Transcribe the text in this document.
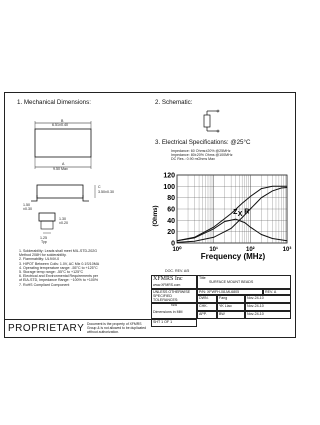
1. Mechanical Dimensions:
B
6.51±0.40
A
9.50 Max
C
3.50±0.30
1.50
±0.30
1.30
±0.20
1.25
Typ
1. Solderability: Leads shall meet MIL-STD-202G
Method 208H for solderability.
2. Flammability: UL94V-0
3. HIPOT Between Coils: 1.0V, AC Mix 0.1S/10MA
4. Operating temperature range: -55°C to +125°C
5. Storage temp range: -55°C to +125°C
6. Electrical and Environmental Requirements per
of EIA-STD, Impedance Range: ~100% to +100%
7. RoHS Compliant Component
2. Schematic:
3. Electrical Specifications: @25°C
Impedance: 60 Ohms±20% @25MHz
Impedance: 80±20% Ohms @100MHz
DC Res.: 0.90 mOhms Max
0
20
40
60
80
100
120
10⁰	10¹	10²	10³
Z R
X
(Ohms)
Frequency (MHz)
DOC. REV. A/5
XFMRS Inc
www.XFMRS.com
Title
SURFACE MOUNT BEADS
UNLESS OTHERWISE SPECIFIED TOLERANCES:
N/A
P/N: XFWFH-08-ML6805	REV. A
Dimensions in MM
SHT 1 OF 1
DWN.	Fang	Nov-24-10
CHK.	YK Liao	Nov-24-10
APP.	BW	Nov-24-10
PROPRIETARY Document is the property of XFMRS Group & is not allowed to be duplicated without authorization.
